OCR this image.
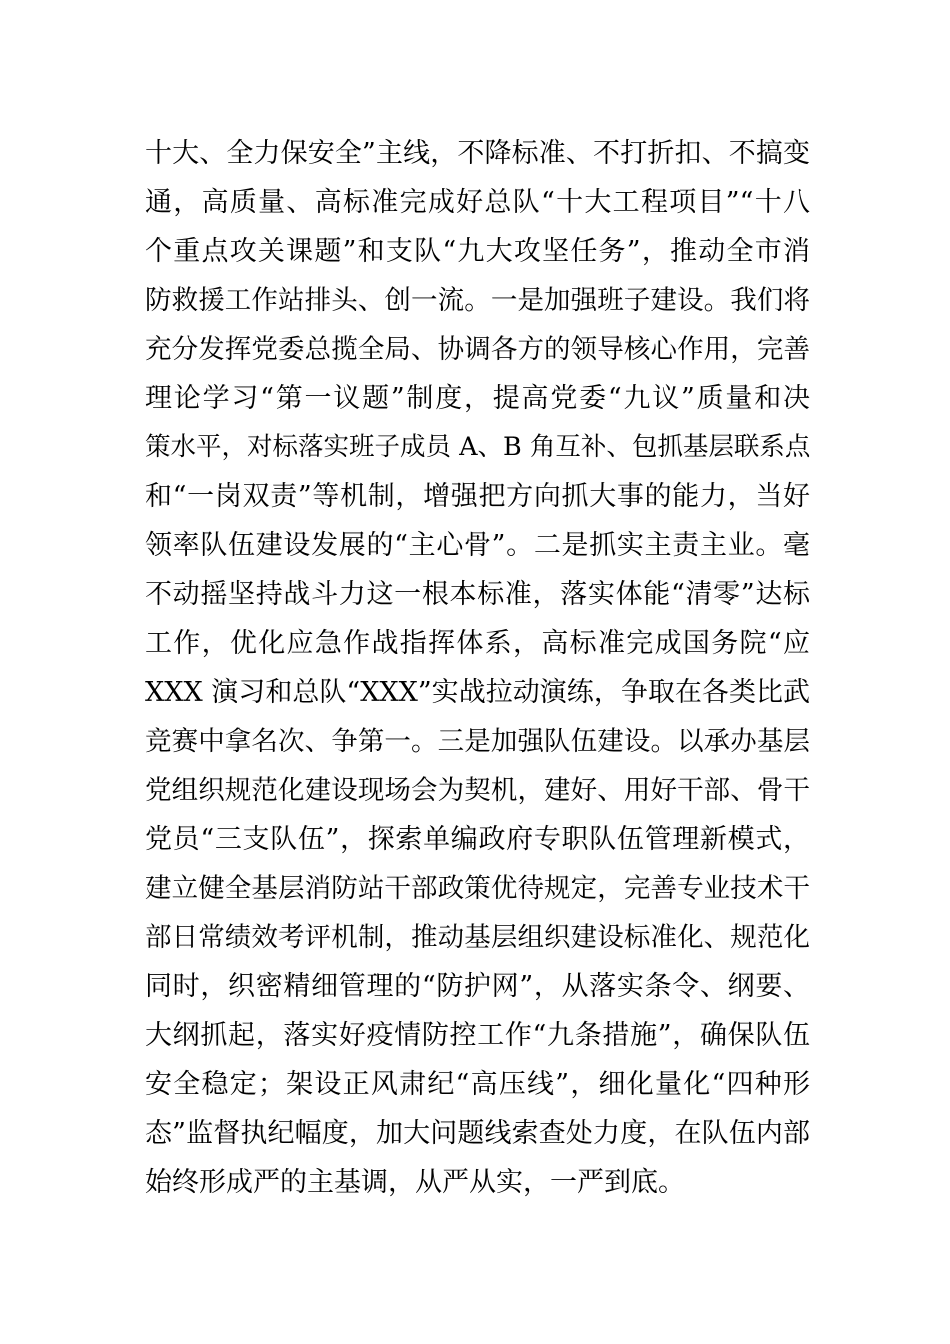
十大、全力保安全”主线，不降标准、不打折扣、不搞变
通，高质量、高标准完成好总队“十大工程项目”“十八
个重点攻关课题”和支队“九大攻坚任务”，推动全市消
防救援工作站排头、创一流。一是加强班子建设。我们将
充分发挥党委总揽全局、协调各方的领导核心作用，完善
理论学习“第一议题”制度，提高党委“九议”质量和决
策水平，对标落实班子成员 A、B 角互补、包抓基层联系点
和“一岗双责”等机制，增强把方向抓大事的能力，当好
领率队伍建设发展的“主心骨”。二是抓实主责主业。毫
不动摇坚持战斗力这一根本标准，落实体能“清零”达标
工作，优化应急作战指挥体系，高标准完成国务院“应
XXX 演习和总队“XXX”实战拉动演练，争取在各类比武
竞赛中拿名次、争第一。三是加强队伍建设。以承办基层
党组织规范化建设现场会为契机，建好、用好干部、骨干
党员“三支队伍”，探索单编政府专职队伍管理新模式，
建立健全基层消防站干部政策优待规定，完善专业技术干
部日常绩效考评机制，推动基层组织建设标准化、规范化
同时，织密精细管理的“防护网”，从落实条令、纲要、
大纲抓起，落实好疫情防控工作“九条措施”，确保队伍
安全稳定；架设正风肃纪“高压线”，细化量化“四种形
态”监督执纪幅度，加大问题线索查处力度，在队伍内部
始终形成严的主基调，从严从实，一严到底。
